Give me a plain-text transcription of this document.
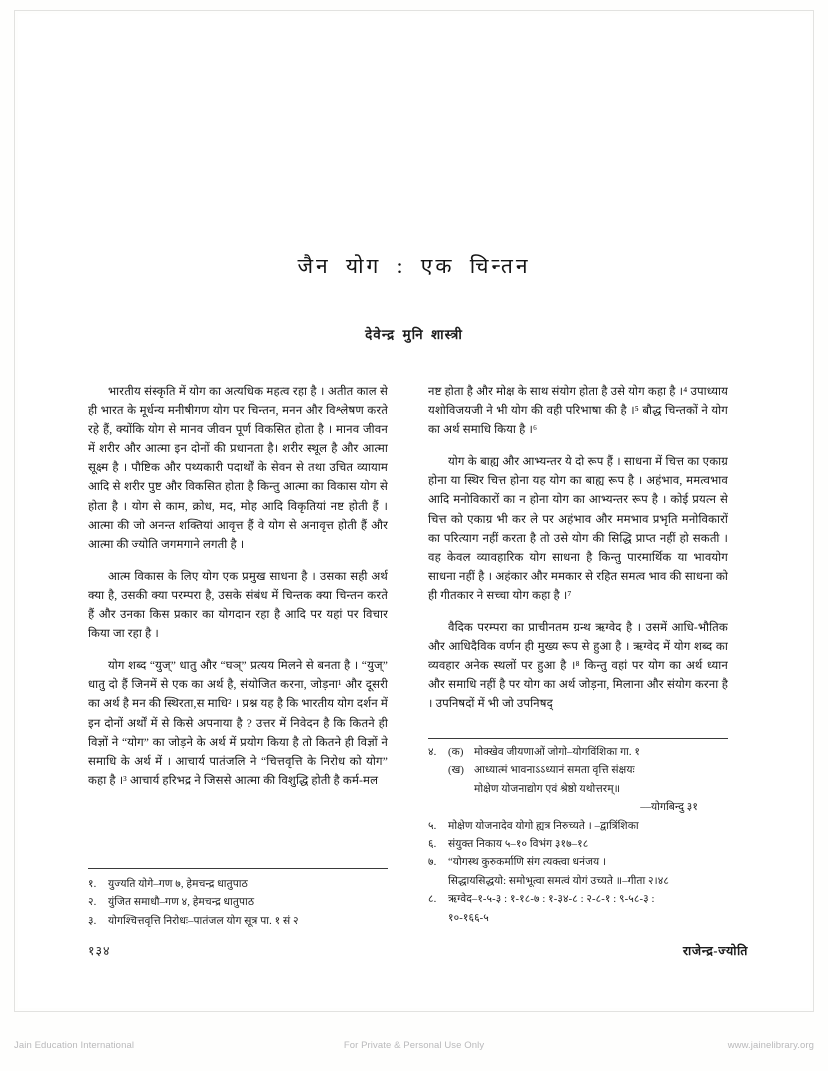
जैन योग : एक चिन्तन
देवेन्द्र मुनि शास्त्री

भारतीय संस्कृति में योग का अत्यधिक महत्व रहा है । अतीत काल से ही भारत के मूर्धन्य मनीषीगण योग पर चिन्तन, मनन और विश्लेषण करते रहे हैं, क्योंकि योग से मानव जीवन पूर्ण विकसित होता है । मानव जीवन में शरीर और आत्मा इन दोनों की प्रधानता है। शरीर स्थूल है और आत्मा सूक्ष्म है । पौष्टिक और पथ्यकारी पदार्थों के सेवन से तथा उचित व्यायाम आदि से शरीर पुष्ट और विकसित होता है किन्तु आत्मा का विकास योग से होता है । योग से काम, क्रोध, मद, मोह आदि विकृतियां नष्ट होती हैं । आत्मा की जो अनन्त शक्तियां आवृत्त हैं वे योग से अनावृत्त होती हैं और आत्मा की ज्योति जगमगाने लगती है ।

आत्म विकास के लिए योग एक प्रमुख साधना है । उसका सही अर्थ क्या है, उसकी क्या परम्परा है, उसके संबंध में चिन्तक क्या चिन्तन करते हैं और उनका किस प्रकार का योगदान रहा है आदि पर यहां पर विचार किया जा रहा है ।

योग शब्द “युज्” धातु और “घञ्” प्रत्यय मिलने से बनता है । “युज्” धातु दो हैं जिनमें से एक का अर्थ है, संयोजित करना, जोड़ना¹ और दूसरी का अर्थ है मन की स्थिरता,स माधि² । प्रश्न यह है कि भारतीय योग दर्शन में इन दोनों अर्थों में से किसे अपनाया है ? उत्तर में निवेदन है कि कितने ही विज्ञों ने “योग” का जोड़ने के अर्थ में प्रयोग किया है तो कितने ही विज्ञों ने समाधि के अर्थ में । आचार्य पातंजलि ने “चित्तवृत्ति के निरोध को योग” कहा है ।³ आचार्य हरिभद्र ने जिससे आत्मा की विशुद्धि होती है कर्म-मल

नष्ट होता है और मोक्ष के साथ संयोग होता है उसे योग कहा है ।⁴ उपाध्याय यशोविजयजी ने भी योग की वही परिभाषा की है ।⁵ बौद्ध चिन्तकों ने योग का अर्थ समाधि किया है ।⁶

योग के बाह्य और आभ्यन्तर ये दो रूप हैं । साधना में चित्त का एकाग्र होना या स्थिर चित्त होना यह योग का बाह्य रूप है । अहंभाव, ममत्वभाव आदि मनोविकारों का न होना योग का आभ्यन्तर रूप है । कोई प्रयत्न से चित्त को एकाग्र भी कर ले पर अहंभाव और ममभाव प्रभृति मनोविकारों का परित्याग नहीं करता है तो उसे योग की सिद्धि प्राप्त नहीं हो सकती । वह केवल व्यावहारिक योग साधना है किन्तु पारमार्थिक या भावयोग साधना नहीं है । अहंकार और ममकार से रहित समत्व भाव की साधना को ही गीतकार ने सच्चा योग कहा है ।⁷

वैदिक परम्परा का प्राचीनतम ग्रन्थ ऋग्वेद है । उसमें आधि-भौतिक और आधिदैविक वर्णन ही मुख्य रूप से हुआ है । ऋग्वेद में योग शब्द का व्यवहार अनेक स्थलों पर हुआ है ।⁸ किन्तु वहां पर योग का अर्थ ध्यान और समाधि नहीं है पर योग का अर्थ जोड़ना, मिलाना और संयोग करना है । उपनिषदों में भी जो उपनिषद्

१.	युज्यति योगे–गण ७, हेमचन्द्र धातुपाठ
२.	युंजित समाधौ–गण ४, हेमचन्द्र धातुपाठ
३.	योगश्चित्तवृत्ति निरोधः–पातंजल योग सूत्र पा. १ सं २
४.	(क) मोक्खेव जीयणाओं जोगो–योगविंशिका गा. १
(ख) आध्यात्मं भावनाऽऽध्यानं समता वृत्ति संक्षयः
मोक्षेण योजनाद्योग एवं श्रेष्ठो यथोत्तरम्॥
––योगबिन्दु ३१
५.	मोक्षेण योजनादेव योगो ह्यत्र निरुच्यते । –द्वात्रिंशिका
६.	संयुक्त निकाय ५–१० विभंग ३१७–१८
७.	“योगस्थ कुरुकर्माणि संग त्यक्त्वा धनंजय ।
सिद्धायसिद्धयो: समोभूत्वा समत्वं योगं उच्यते ॥–गीता २।४८
८.	ऋग्वेद–१-५-३ : १-१८-७ : १-३४-८ : २-८-१ : ९-५८-३ :
१०-१६६-५
१३४	राजेन्द्र-ज्योति
Jain Education International	For Private & Personal Use Only	www.jainelibrary.org
